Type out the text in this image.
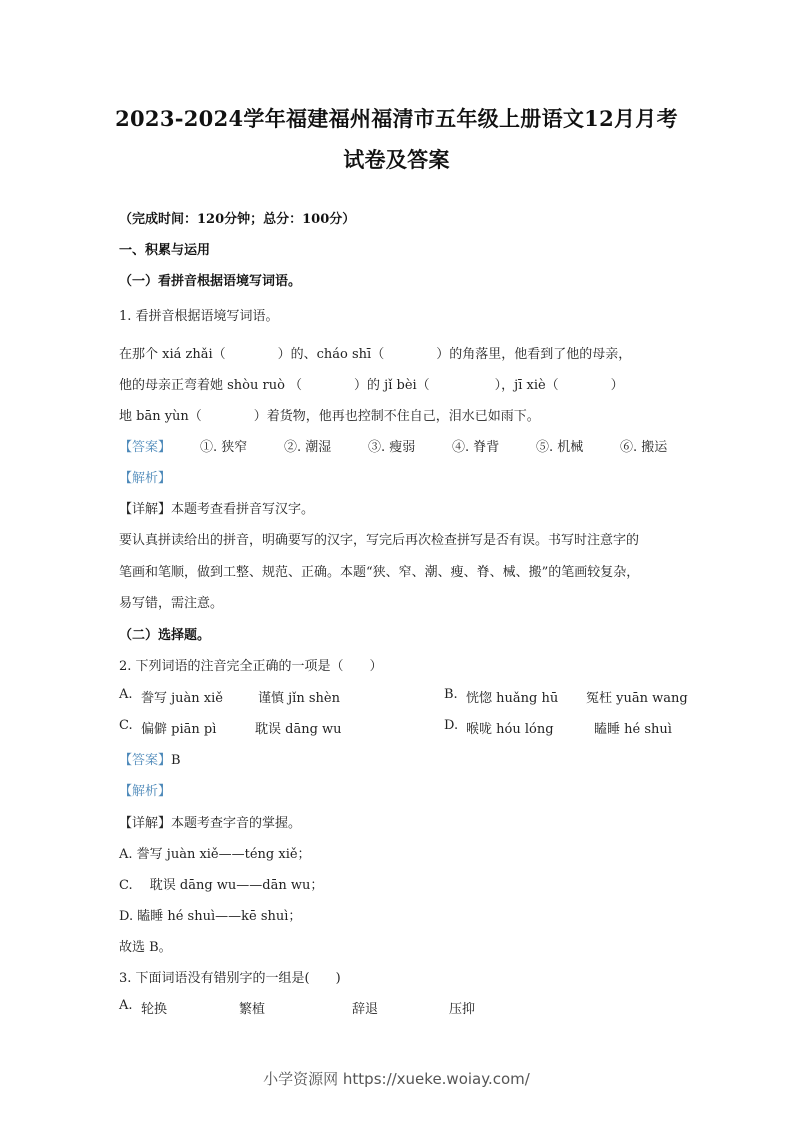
2023-2024学年福建福州福清市五年级上册语文12月月考
试卷及答案
（完成时间：120分钟；总分：100分）
一、积累与运用
（一）看拼音根据语境写词语。
1. 看拼音根据语境写词语。
在那个 xiá zhǎi（　　　　）的、cháo shī（　　　　）的角落里，他看到了他的母亲，
他的母亲正弯着她 shòu ruò （　　　　）的 jǐ bèi（　　　　　），jī xiè（　　　　）
地 bān yùn（　　　　）着货物，他再也控制不住自己，泪水已如雨下。
【答案】 ①. 狭窄	②. 潮湿	③. 瘦弱	④. 脊背	⑤. 机械	⑥. 搬运
【解析】
【详解】本题考查看拼音写汉字。
要认真拼读给出的拼音，明确要写的汉字，写完后再次检查拼写是否有误。书写时注意字的
笔画和笔顺，做到工整、规范、正确。本题“狭、窄、潮、瘦、脊、械、搬”的笔画较复杂，
易写错，需注意。
（二）选择题。
2. 下列词语的注音完全正确的一项是（　　）
A. 誊写 juàn xiě	谨慎 jǐn shèn	B. 恍惚 huǎng hū 冤枉 yuān wang
C. 偏僻 piān pì	耽误 dāng wu	D. 喉咙 hóu lóng	瞌睡 hé shuì
【答案】B
【解析】
【详解】本题考查字音的掌握。
A. 誊写 juàn xiě——téng xiě；
C.　 耽误 dāng wu——dān wu；
D. 瞌睡 hé shuì——kē shuì；
故选 B。
3. 下面词语没有错别字的一组是(　　)
A. 轮换	繁植	辞退	压抑
小学资源网 https://xueke.woiay.com/
